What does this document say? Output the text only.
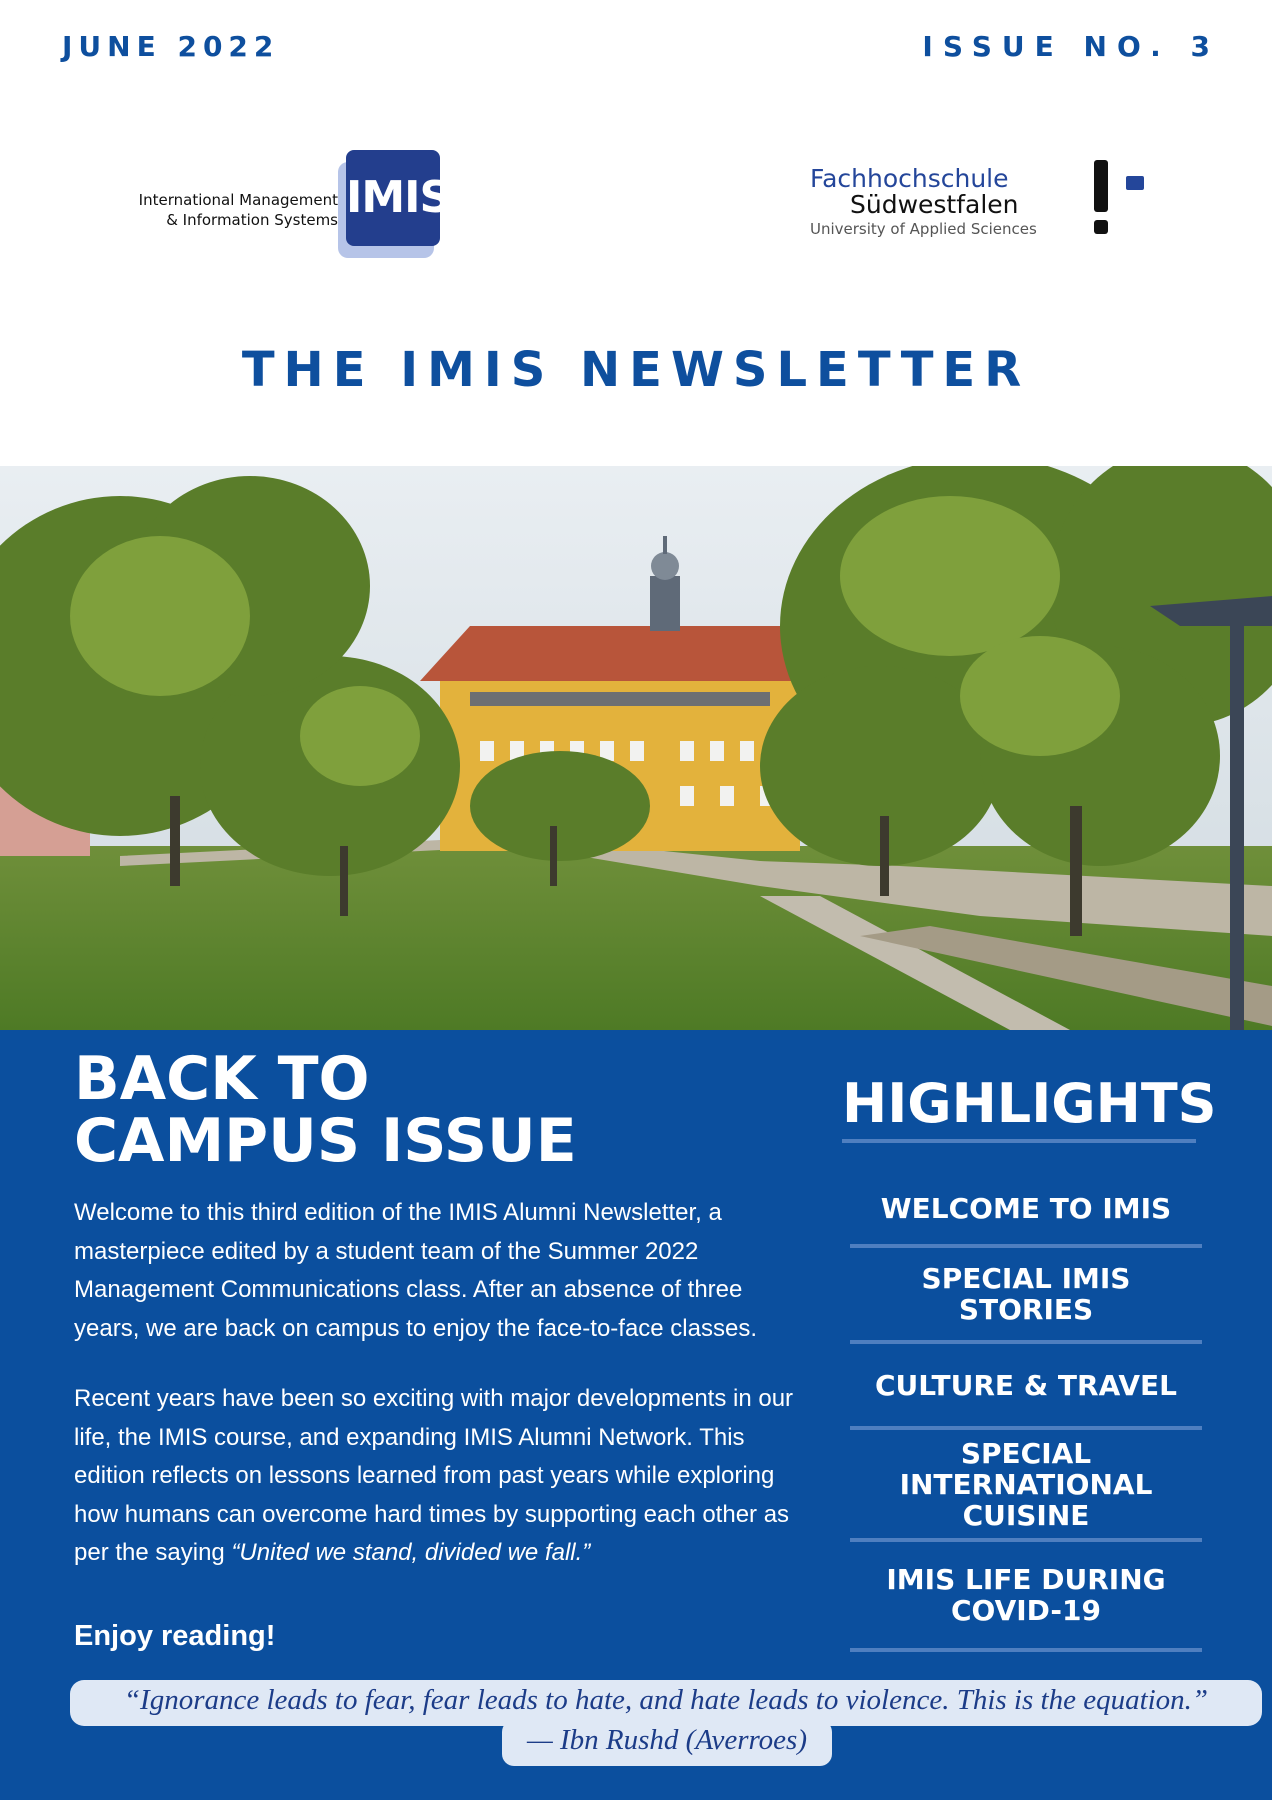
JUNE 2022	ISSUE NO. 3
International Management
& Information Systems IMIS	Fachhochschule
Südwestfalen
University of Applied Sciences
THE IMIS NEWSLETTER
BACK TO
CAMPUS ISSUE

Welcome to this third edition of the IMIS Alumni Newsletter, a masterpiece edited by a student team of the Summer 2022 Management Communications class. After an absence of three years, we are back on campus to enjoy the face-to-face classes.

Recent years have been so exciting with major developments in our life, the IMIS course, and expanding IMIS Alumni Network. This edition reflects on lessons learned from past years while exploring how humans can overcome hard times by supporting each other as per the saying “United we stand, divided we fall.”

Enjoy reading!

HIGHLIGHTS
WELCOME TO IMIS
SPECIAL IMIS STORIES
CULTURE & TRAVEL
SPECIAL INTERNATIONAL CUISINE
IMIS LIFE DURING COVID-19

“Ignorance leads to fear, fear leads to hate, and hate leads to violence. This is the equation.”

— Ibn Rushd (Averroes)
